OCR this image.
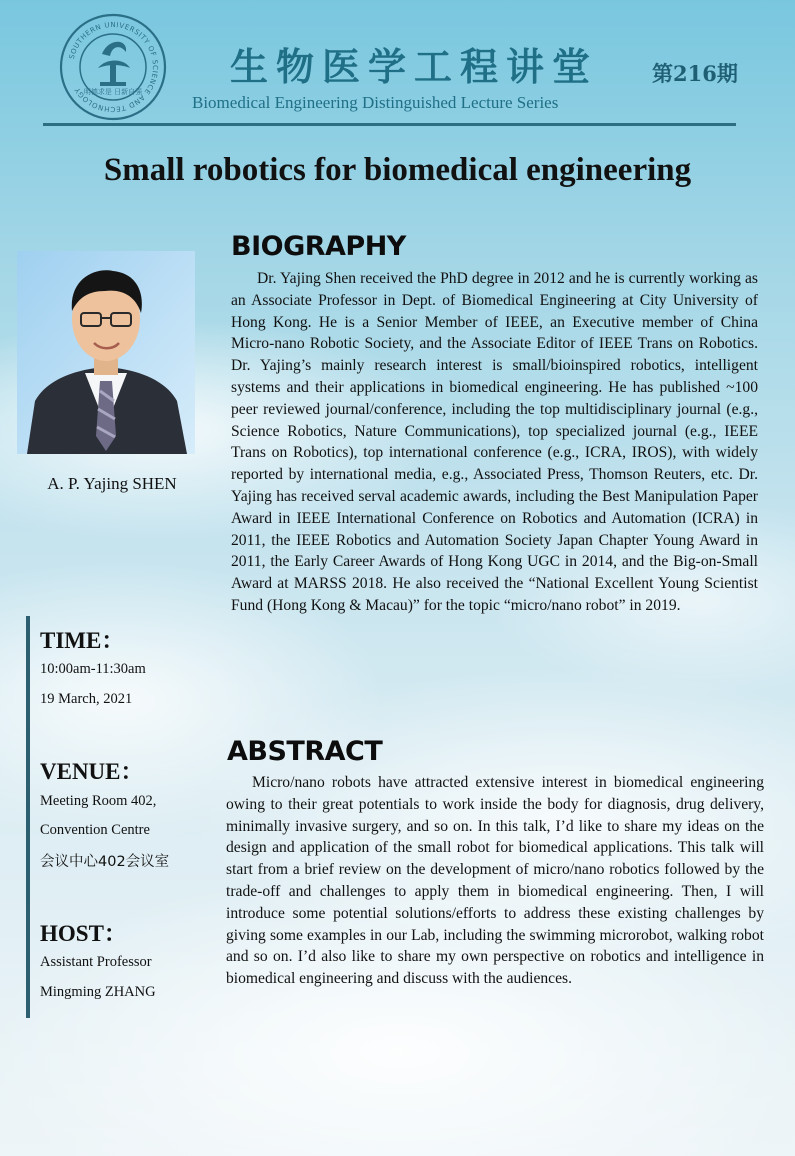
SOUTHERN UNIVERSITY OF SCIENCE AND TECHNOLOGY 明德求是 日新自强
生物医学工程讲堂	第216期
Biomedical Engineering Distinguished Lecture Series
Small robotics for biomedical engineering
A. P. Yajing SHEN
BIOGRAPHY
Dr. Yajing Shen received the PhD degree in 2012 and he is currently working as an Associate Professor in Dept. of Biomedical Engineering at City University of Hong Kong. He is a Senior Member of IEEE, an Executive member of China Micro-nano Robotic Society, and the Associate Editor of IEEE Trans on Robotics. Dr. Yajing’s mainly research interest is small/bioinspired robotics, intelligent systems and their applications in biomedical engineering. He has published ~100 peer reviewed journal/conference, including the top multidisciplinary journal (e.g., Science Robotics, Nature Communications), top specialized journal (e.g., IEEE Trans on Robotics), top international conference (e.g., ICRA, IROS), with widely reported by international media, e.g., Associated Press, Thomson Reuters, etc. Dr. Yajing has received serval academic awards, including the Best Manipulation Paper Award in IEEE International Conference on Robotics and Automation (ICRA) in 2011, the IEEE Robotics and Automation Society Japan Chapter Young Award in 2011, the Early Career Awards of Hong Kong UGC in 2014, and the Big-on-Small Award at MARSS 2018. He also received the “National Excellent Young Scientist Fund (Hong Kong & Macau)” for the topic “micro/nano robot” in 2019.
TIME：
10:00am-11:30am
19 March, 2021
VENUE：
Meeting Room 402,
Convention Centre
会议中心402会议室
HOST：
Assistant Professor
Mingming ZHANG
ABSTRACT
Micro/nano robots have attracted extensive interest in biomedical engineering owing to their great potentials to work inside the body for diagnosis, drug delivery, minimally invasive surgery, and so on. In this talk, I’d like to share my ideas on the design and application of the small robot for biomedical applications. This talk will start from a brief review on the development of micro/nano robotics followed by the trade-off and challenges to apply them in biomedical engineering. Then, I will introduce some potential solutions/efforts to address these existing challenges by giving some examples in our Lab, including the swimming microrobot, walking robot and so on. I’d also like to share my own perspective on robotics and intelligence in biomedical engineering and discuss with the audiences.
